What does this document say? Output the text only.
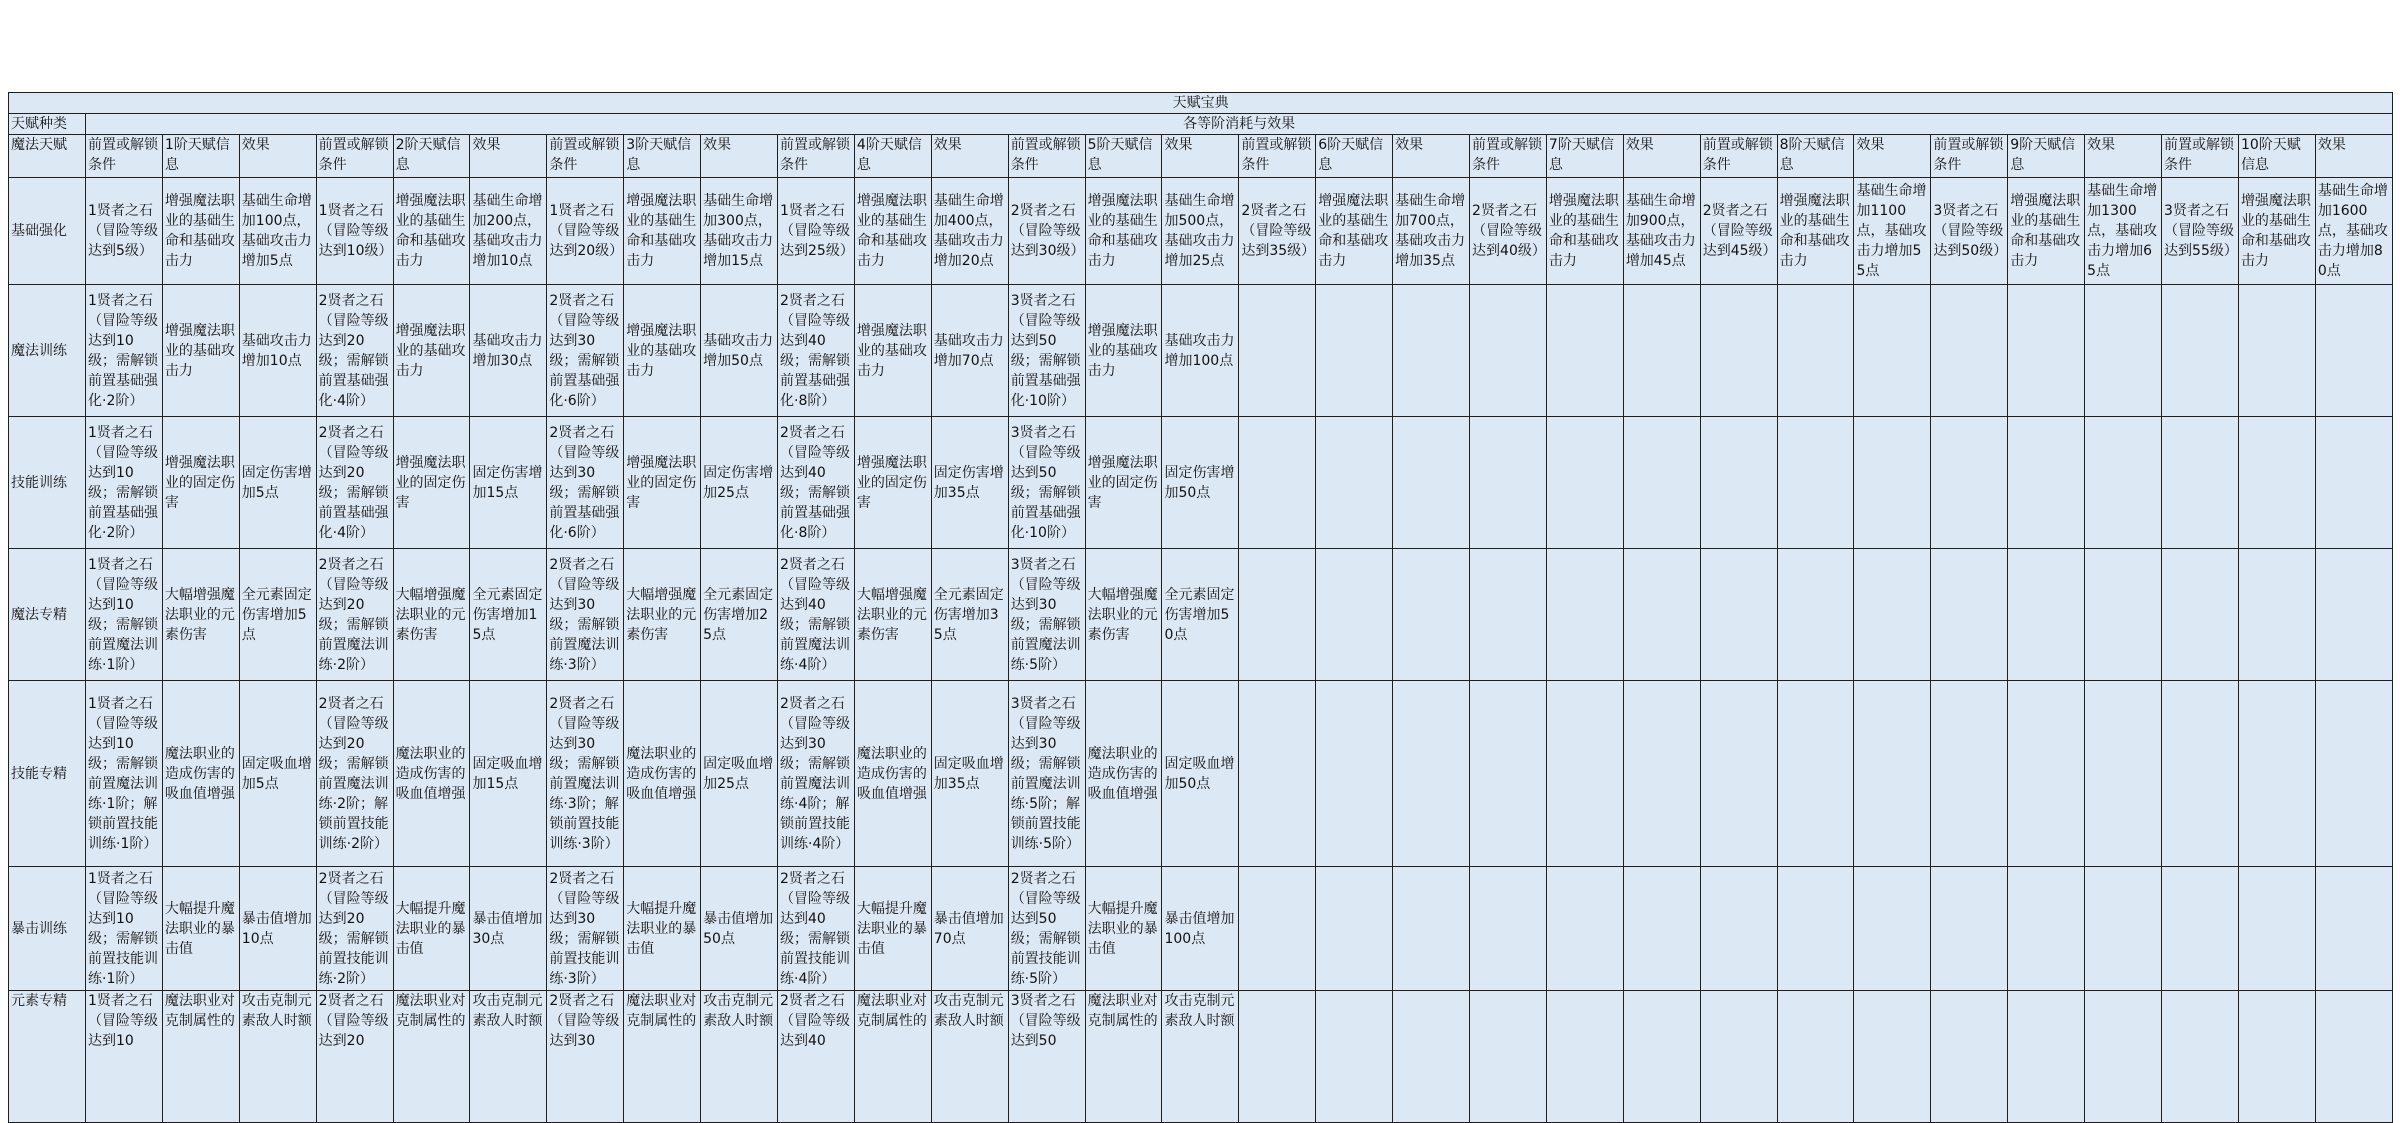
天赋宝典																														
天赋种类	各等阶消耗与效果																													
魔法天赋	前置或解锁条件	1阶天赋信息	效果	前置或解锁条件	2阶天赋信息	效果	前置或解锁条件	3阶天赋信息	效果	前置或解锁条件	4阶天赋信息	效果	前置或解锁条件	5阶天赋信息	效果	前置或解锁条件	6阶天赋信息	效果	前置或解锁条件	7阶天赋信息	效果	前置或解锁条件	8阶天赋信息	效果	前置或解锁条件	9阶天赋信息	效果	前置或解锁条件	10阶天赋信息	效果
基础强化	1贤者之石（冒险等级达到5级）	增强魔法职业的基础生命和基础攻击力	基础生命增加100点，基础攻击力增加5点	1贤者之石（冒险等级达到10级）	增强魔法职业的基础生命和基础攻击力	基础生命增加200点，基础攻击力增加10点	1贤者之石（冒险等级达到20级）	增强魔法职业的基础生命和基础攻击力	基础生命增加300点，基础攻击力增加15点	1贤者之石（冒险等级达到25级）	增强魔法职业的基础生命和基础攻击力	基础生命增加400点，基础攻击力增加20点	2贤者之石（冒险等级达到30级）	增强魔法职业的基础生命和基础攻击力	基础生命增加500点，基础攻击力增加25点	2贤者之石（冒险等级达到35级）	增强魔法职业的基础生命和基础攻击力	基础生命增加700点，基础攻击力增加35点	2贤者之石（冒险等级达到40级）	增强魔法职业的基础生命和基础攻击力	基础生命增加900点，基础攻击力增加45点	2贤者之石（冒险等级达到45级）	增强魔法职业的基础生命和基础攻击力	基础生命增加1100点，基础攻击力增加55点	3贤者之石（冒险等级达到50级）	增强魔法职业的基础生命和基础攻击力	基础生命增加1300点，基础攻击力增加65点	3贤者之石（冒险等级达到55级）	增强魔法职业的基础生命和基础攻击力	基础生命增加1600点，基础攻击力增加80点
魔法训练	1贤者之石（冒险等级达到10级；需解锁前置基础强化·2阶）	增强魔法职业的基础攻击力	基础攻击力增加10点	2贤者之石（冒险等级达到20级；需解锁前置基础强化·4阶）	增强魔法职业的基础攻击力	基础攻击力增加30点	2贤者之石（冒险等级达到30级；需解锁前置基础强化·6阶）	增强魔法职业的基础攻击力	基础攻击力增加50点	2贤者之石（冒险等级达到40级；需解锁前置基础强化·8阶）	增强魔法职业的基础攻击力	基础攻击力增加70点	3贤者之石（冒险等级达到50级；需解锁前置基础强化·10阶）	增强魔法职业的基础攻击力	基础攻击力增加100点															
技能训练	1贤者之石（冒险等级达到10级；需解锁前置基础强化·2阶）	增强魔法职业的固定伤害	固定伤害增加5点	2贤者之石（冒险等级达到20级；需解锁前置基础强化·4阶）	增强魔法职业的固定伤害	固定伤害增加15点	2贤者之石（冒险等级达到30级；需解锁前置基础强化·6阶）	增强魔法职业的固定伤害	固定伤害增加25点	2贤者之石（冒险等级达到40级；需解锁前置基础强化·8阶）	增强魔法职业的固定伤害	固定伤害增加35点	3贤者之石（冒险等级达到50级；需解锁前置基础强化·10阶）	增强魔法职业的固定伤害	固定伤害增加50点															
魔法专精	1贤者之石（冒险等级达到10级；需解锁前置魔法训练·1阶）	大幅增强魔法职业的元素伤害	全元素固定伤害增加5点	2贤者之石（冒险等级达到20级；需解锁前置魔法训练·2阶）	大幅增强魔法职业的元素伤害	全元素固定伤害增加15点	2贤者之石（冒险等级达到30级；需解锁前置魔法训练·3阶）	大幅增强魔法职业的元素伤害	全元素固定伤害增加25点	2贤者之石（冒险等级达到40级；需解锁前置魔法训练·4阶）	大幅增强魔法职业的元素伤害	全元素固定伤害增加35点	3贤者之石（冒险等级达到30级；需解锁前置魔法训练·5阶）	大幅增强魔法职业的元素伤害	全元素固定伤害增加50点															
技能专精	1贤者之石（冒险等级达到10级；需解锁前置魔法训练·1阶；解锁前置技能训练·1阶）	魔法职业的造成伤害的吸血值增强	固定吸血增加5点	2贤者之石（冒险等级达到20级；需解锁前置魔法训练·2阶；解锁前置技能训练·2阶）	魔法职业的造成伤害的吸血值增强	固定吸血增加15点	2贤者之石（冒险等级达到30级；需解锁前置魔法训练·3阶；解锁前置技能训练·3阶）	魔法职业的造成伤害的吸血值增强	固定吸血增加25点	2贤者之石（冒险等级达到30级；需解锁前置魔法训练·4阶；解锁前置技能训练·4阶）	魔法职业的造成伤害的吸血值增强	固定吸血增加35点	3贤者之石（冒险等级达到30级；需解锁前置魔法训练·5阶；解锁前置技能训练·5阶）	魔法职业的造成伤害的吸血值增强	固定吸血增加50点															
暴击训练	1贤者之石（冒险等级达到10级；需解锁前置技能训练·1阶）	大幅提升魔法职业的暴击值	暴击值增加10点	2贤者之石（冒险等级达到20级；需解锁前置技能训练·2阶）	大幅提升魔法职业的暴击值	暴击值增加30点	2贤者之石（冒险等级达到30级；需解锁前置技能训练·3阶）	大幅提升魔法职业的暴击值	暴击值增加50点	2贤者之石（冒险等级达到40级；需解锁前置技能训练·4阶）	大幅提升魔法职业的暴击值	暴击值增加70点	2贤者之石（冒险等级达到50级；需解锁前置技能训练·5阶）	大幅提升魔法职业的暴击值	暴击值增加100点															
元素专精	1贤者之石（冒险等级达到10	魔法职业对克制属性的	攻击克制元素敌人时额	2贤者之石（冒险等级达到20	魔法职业对克制属性的	攻击克制元素敌人时额	2贤者之石（冒险等级达到30	魔法职业对克制属性的	攻击克制元素敌人时额	2贤者之石（冒险等级达到40	魔法职业对克制属性的	攻击克制元素敌人时额	3贤者之石（冒险等级达到50	魔法职业对克制属性的	攻击克制元素敌人时额															
